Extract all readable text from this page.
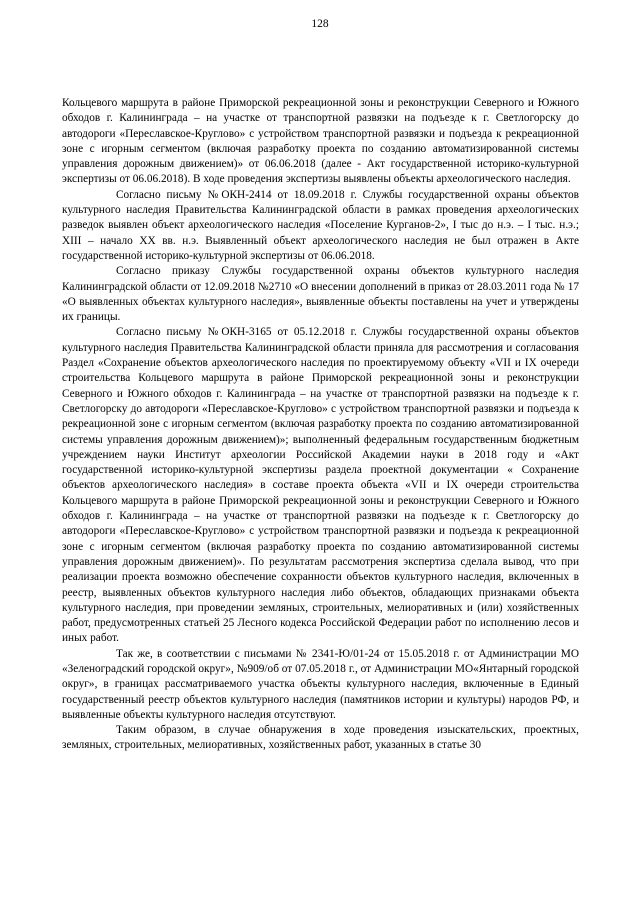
128

Кольцевого маршрута в районе Приморской рекреационной зоны и реконструкции Северного и Южного обходов г. Калининграда – на участке от транспортной развязки на подъезде к г. Светлогорску до автодороги «Переславское-Круглово» с устройством транспортной развязки и подъезда к рекреационной зоне с игорным сегментом (включая разработку проекта по созданию автоматизированной системы управления дорожным движением)» от 06.06.2018 (далее - Акт государственной историко-культурной экспертизы от 06.06.2018). В ходе проведения экспертизы выявлены объекты археологического наследия.

Согласно письму №ОКН-2414 от 18.09.2018 г. Службы государственной охраны объектов культурного наследия Правительства Калининградской области в рамках проведения археологических разведок выявлен объект археологического наследия «Поселение Курганов-2», I тыс до н.э. – I тыс. н.э.; XIII – начало XX вв. н.э. Выявленный объект археологического наследия не был отражен в Акте государственной историко-культурной экспертизы от 06.06.2018.

Согласно приказу Службы государственной охраны объектов культурного наследия Калининградской области от 12.09.2018 №2710 «О внесении дополнений в приказ от 28.03.2011 года № 17 «О выявленных объектах культурного наследия», выявленные объекты поставлены на учет и утверждены их границы.

Согласно письму №ОКН-3165 от 05.12.2018 г. Службы государственной охраны объектов культурного наследия Правительства Калининградской области приняла для рассмотрения и согласования Раздел «Сохранение объектов археологического наследия по проектируемому объекту «VII и IX очереди строительства Кольцевого маршрута в районе Приморской рекреационной зоны и реконструкции Северного и Южного обходов г. Калининграда – на участке от транспортной развязки на подъезде к г. Светлогорску до автодороги «Переславское-Круглово» с устройством транспортной развязки и подъезда к рекреационной зоне с игорным сегментом (включая разработку проекта по созданию автоматизированной системы управления дорожным движением)»; выполненный федеральным государственным бюджетным учреждением науки Институт археологии Российской Академии науки в 2018 году и «Акт государственной историко-культурной экспертизы раздела проектной документации « Сохранение объектов археологического наследия» в составе проекта объекта «VII и IX очереди строительства Кольцевого маршрута в районе Приморской рекреационной зоны и реконструкции Северного и Южного обходов г. Калининграда – на участке от транспортной развязки на подъезде к г. Светлогорску до автодороги «Переславское-Круглово» с устройством транспортной развязки и подъезда к рекреационной зоне с игорным сегментом (включая разработку проекта по созданию автоматизированной системы управления дорожным движением)». По результатам рассмотрения экспертиза сделала вывод, что при реализации проекта возможно обеспечение сохранности объектов культурного наследия, включенных в реестр, выявленных объектов культурного наследия либо объектов, обладающих признаками объекта культурного наследия, при проведении земляных, строительных, мелиоративных и (или) хозяйственных работ, предусмотренных статьей 25 Лесного кодекса Российской Федерации работ по исполнению лесов и иных работ.

Так же, в соответствии с письмами № 2341-Ю/01-24 от 15.05.2018 г. от Администрации МО «Зеленоградский городской округ», №909/об от 07.05.2018 г., от Администрации МО«Янтарный городской округ», в границах рассматриваемого участка объекты культурного наследия, включенные в Единый государственный реестр объектов культурного наследия (памятников истории и культуры) народов РФ, и выявленные объекты культурного наследия отсутствуют.

Таким образом, в случае обнаружения в ходе проведения изыскательских, проектных, земляных, строительных, мелиоративных, хозяйственных работ, указанных в статье 30
